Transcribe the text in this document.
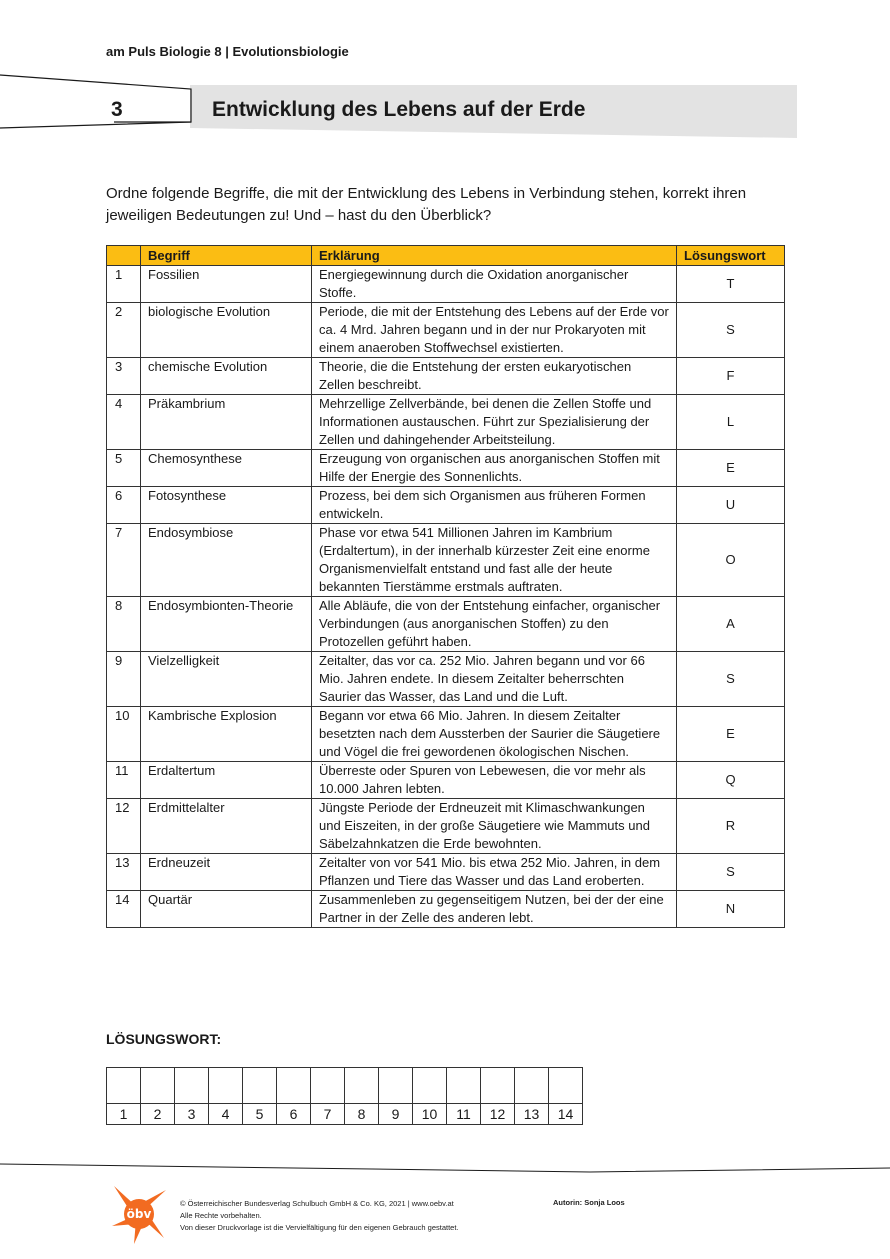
am Puls Biologie 8 | Evolutionsbiologie
3	Entwicklung des Lebens auf der Erde
Ordne folgende Begriffe, die mit der Entwicklung des Lebens in Verbindung stehen, korrekt ihren jeweiligen Bedeutungen zu! Und – hast du den Überblick?
	Begriff	Erklärung	Lösungswort
1	Fossilien	Energiegewinnung durch die Oxidation anorganischer Stoffe.	T
2	biologische Evolution	Periode, die mit der Entstehung des Lebens auf der Erde vor ca. 4 Mrd. Jahren begann und in der nur Prokaryoten mit einem anaeroben Stoffwechsel existierten.	S
3	chemische Evolution	Theorie, die die Entstehung der ersten eukaryotischen Zellen beschreibt.	F
4	Präkambrium	Mehrzellige Zellverbände, bei denen die Zellen Stoffe und Informationen austauschen. Führt zur Spezialisierung der Zellen und dahingehender Arbeitsteilung.	L
5	Chemosynthese	Erzeugung von organischen aus anorganischen Stoffen mit Hilfe der Energie des Sonnenlichts.	E
6	Fotosynthese	Prozess, bei dem sich Organismen aus früheren Formen entwickeln.	U
7	Endosymbiose	Phase vor etwa 541 Millionen Jahren im Kambrium (Erdaltertum), in der innerhalb kürzester Zeit eine enorme Organismenvielfalt entstand und fast alle der heute bekannten Tierstämme erstmals auftraten.	O
8	Endosymbionten-Theorie	Alle Abläufe, die von der Entstehung einfacher, organischer Verbindungen (aus anorganischen Stoffen) zu den Protozellen geführt haben.	A
9	Vielzelligkeit	Zeitalter, das vor ca. 252 Mio. Jahren begann und vor 66 Mio. Jahren endete. In diesem Zeitalter beherrschten Saurier das Wasser, das Land und die Luft.	S
10	Kambrische Explosion	Begann vor etwa 66 Mio. Jahren. In diesem Zeitalter besetzten nach dem Aussterben der Saurier die Säugetiere und Vögel die frei gewordenen ökologischen Nischen.	E
11	Erdaltertum	Überreste oder Spuren von Lebewesen, die vor mehr als 10.000 Jahren lebten.	Q
12	Erdmittelalter	Jüngste Periode der Erdneuzeit mit Klimaschwankungen und Eiszeiten, in der große Säugetiere wie Mammuts und Säbelzahnkatzen die Erde bewohnten.	R
13	Erdneuzeit	Zeitalter von vor 541 Mio. bis etwa 252 Mio. Jahren, in dem Pflanzen und Tiere das Wasser und das Land eroberten.	S
14	Quartär	Zusammenleben zu gegenseitigem Nutzen, bei der der eine Partner in der Zelle des anderen lebt.	N
LÖSUNGSWORT:

1	2	3	4	5	6	7	8	9	10	11	12	13	14
öbv
© Österreichischer Bundesverlag Schulbuch GmbH & Co. KG, 2021 | www.oebv.at
Alle Rechte vorbehalten.
Von dieser Druckvorlage ist die Vervielfältigung für den eigenen Gebrauch gestattet.
Autorin: Sonja Loos
